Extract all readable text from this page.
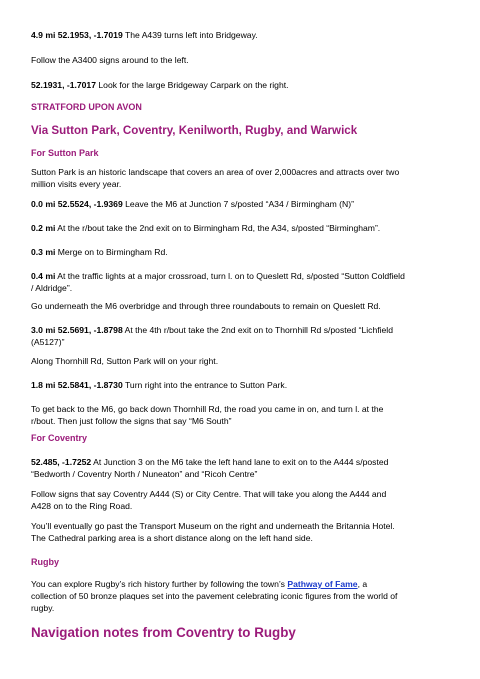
4.9 mi 52.1953, -1.7019 The A439 turns left into Bridgeway.

Follow the A3400 signs around to the left.

52.1931, -1.7017 Look for the large Bridgeway Carpark on the right.

STRATFORD UPON AVON

Via Sutton Park, Coventry, Kenilworth, Rugby, and Warwick

For Sutton Park

Sutton Park is an historic landscape that covers an area of over 2,000acres and attracts over two
million visits every year.

0.0 mi 52.5524, -1.9369 Leave the M6 at Junction 7 s/posted “A34 / Birmingham (N)”

0.2 mi At the r/bout take the 2nd exit on to Birmingham Rd, the A34, s/posted “Birmingham”.

0.3 mi Merge on to Birmingham Rd.

0.4 mi At the traffic lights at a major crossroad, turn l. on to Queslett Rd, s/posted “Sutton Coldfield
/ Aldridge”.

Go underneath the M6 overbridge and through three roundabouts to remain on Queslett Rd.

3.0 mi 52.5691, -1.8798 At the 4th r/bout take the 2nd exit on to Thornhill Rd s/posted “Lichfield
(A5127)”

Along Thornhill Rd, Sutton Park will on your right.

1.8 mi 52.5841, -1.8730 Turn right into the entrance to Sutton Park.

To get back to the M6, go back down Thornhill Rd, the road you came in on, and turn l. at the
r/bout. Then just follow the signs that say “M6 South”

For Coventry

52.485, -1.7252 At Junction 3 on the M6 take the left hand lane to exit on to the A444 s/posted
“Bedworth / Coventry North / Nuneaton” and “Ricoh Centre”
Follow signs that say Coventry A444 (S) or City Centre. That will take you along the A444 and
A428 on to the Ring Road.
You’ll eventually go past the Transport Museum on the right and underneath the Britannia Hotel.
The Cathedral parking area is a short distance along on the left hand side.

Rugby

You can explore Rugby’s rich history further by following the town’s Pathway of Fame, a
collection of 50 bronze plaques set into the pavement celebrating iconic figures from the world of
rugby.

Navigation notes from Coventry to Rugby
